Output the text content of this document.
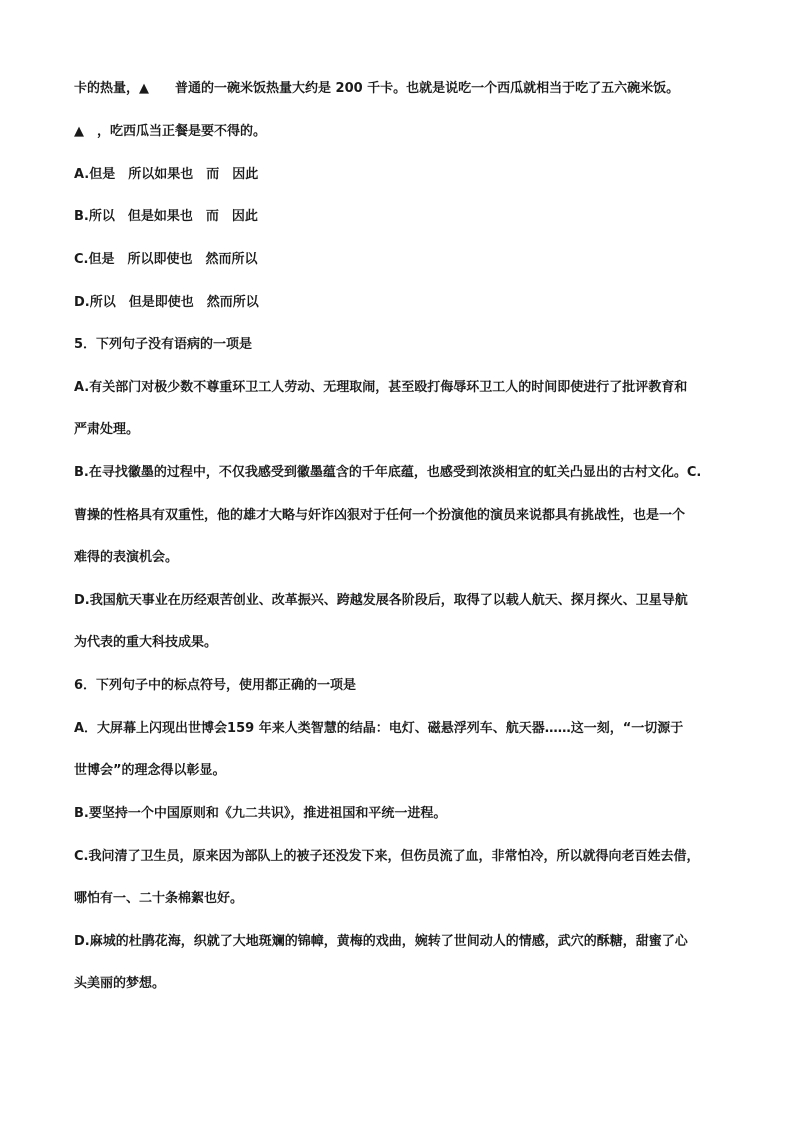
卡的热量，▲　　普通的一碗米饭热量大约是 200 千卡。也就是说吃一个西瓜就相当于吃了五六碗米饭。
▲　，吃西瓜当正餐是要不得的。
A.但是　所以如果也　而　因此
B.所以　但是如果也　而　因此
C.但是　所以即使也　然而所以
D.所以　但是即使也　然而所以
5．下列句子没有语病的一项是
A.有关部门对极少数不尊重环卫工人劳动、无理取闹，甚至殴打侮辱环卫工人的时间即使进行了批评教育和
严肃处理。
B.在寻找徽墨的过程中，不仅我感受到徽墨蕴含的千年底蕴，也感受到浓淡相宜的虹关凸显出的古村文化。C.
曹操的性格具有双重性，他的雄才大略与奸诈凶狠对于任何一个扮演他的演员来说都具有挑战性，也是一个
难得的表演机会。
D.我国航天事业在历经艰苦创业、改革振兴、跨越发展各阶段后，取得了以载人航天、探月探火、卫星导航
为代表的重大科技成果。
6．下列句子中的标点符号，使用都正确的一项是
A．大屏幕上闪现出世博会159 年来人类智慧的结晶：电灯、磁悬浮列车、航天器……这一刻，“一切源于
世博会”的理念得以彰显。
B.要坚持一个中国原则和《九二共识》，推进祖国和平统一进程。
C.我问清了卫生员，原来因为部队上的被子还没发下来，但伤员流了血，非常怕冷，所以就得向老百姓去借，
哪怕有一、二十条棉絮也好。
D.麻城的杜鹃花海，织就了大地斑斓的锦幛，黄梅的戏曲，婉转了世间动人的情感，武穴的酥糖，甜蜜了心
头美丽的梦想。
